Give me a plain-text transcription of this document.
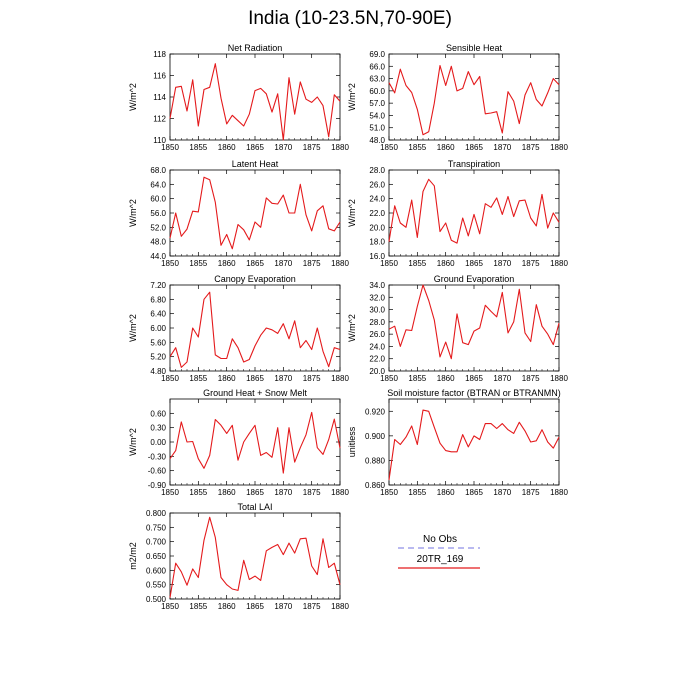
India (10-23.5N,70-90E)
Net Radiation
W/m^2
1850 1855 1860 1865 1870 1875 1880
110
112
114
116
118
Sensible Heat
W/m^2
1850 1855 1860 1865 1870 1875 1880
48.0
51.0
54.0
57.0
60.0
63.0
66.0
69.0
Latent Heat
W/m^2
1850 1855 1860 1865 1870 1875 1880
44.0
48.0
52.0
56.0
60.0
64.0
68.0
Transpiration
W/m^2
1850 1855 1860 1865 1870 1875 1880
16.0
18.0
20.0
22.0
24.0
26.0
28.0
Canopy Evaporation
W/m^2
1850 1855 1860 1865 1870 1875 1880
4.80
5.20
5.60
6.00
6.40
6.80
7.20
Ground Evaporation
W/m^2
1850 1855 1860 1865 1870 1875 1880
20.0
22.0
24.0
26.0
28.0
30.0
32.0
34.0
Ground Heat + Snow Melt
W/m^2
1850 1855 1860 1865 1870 1875 1880
-0.90
-0.60
-0.30
0.00
0.30
0.60
Soil moisture factor (BTRAN or BTRANMN)
unitless
1850 1855 1860 1865 1870 1875 1880
0.860
0.880
0.900
0.920
Total LAI
m2/m2
1850 1855 1860 1865 1870 1875 1880
0.500
0.550
0.600
0.650
0.700
0.750
0.800
No Obs
20TR_169
